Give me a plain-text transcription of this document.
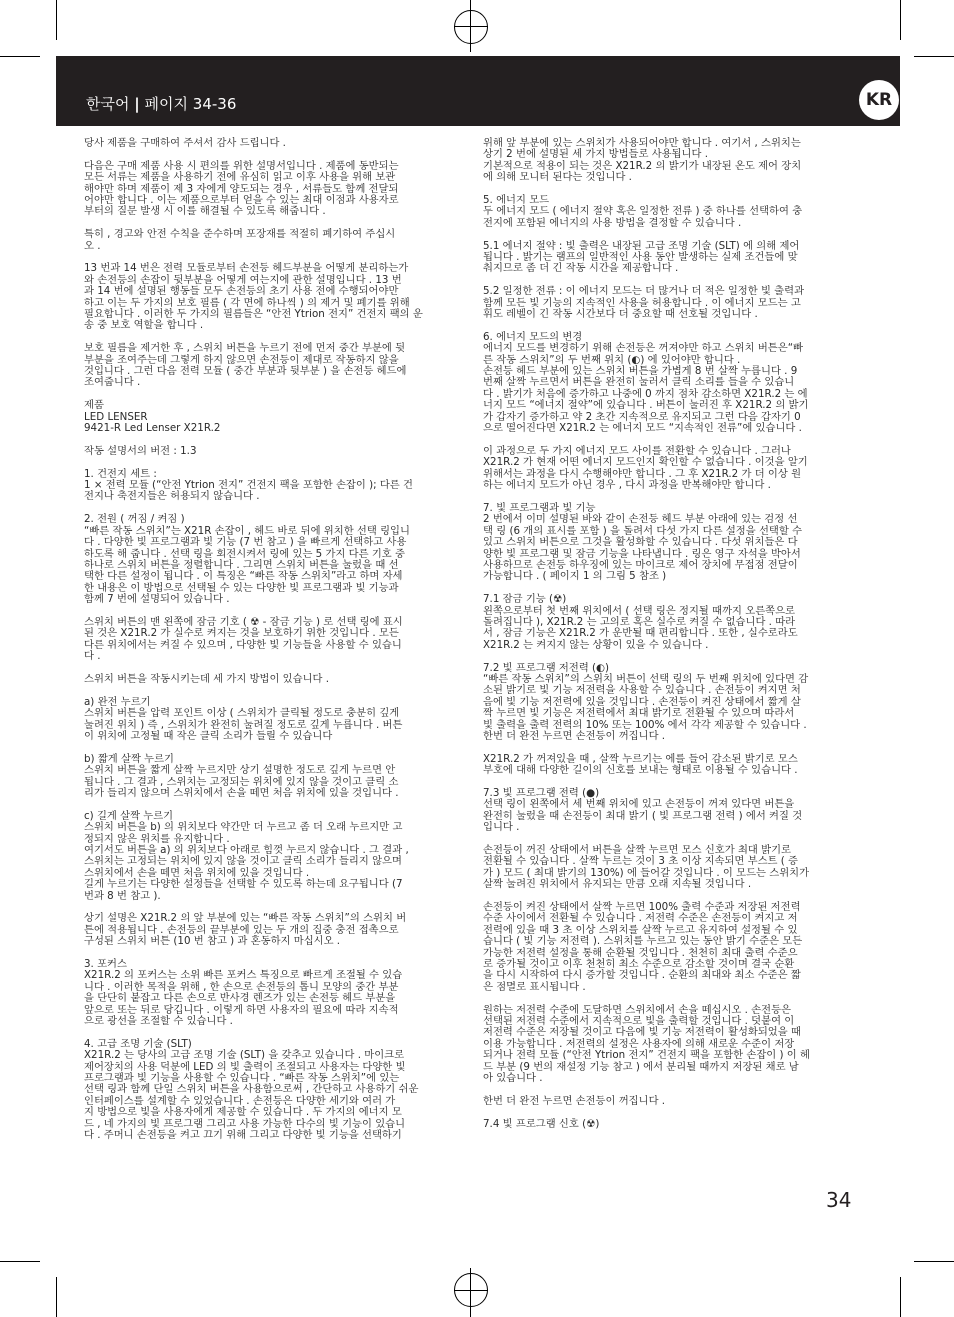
한국어 | 페이지 34-36	KR

당사 제품을 구매하여 주셔서 감사 드립니다 .

다음은 구매 제품 사용 시 편의를 위한 설명서입니다 . 제품에 동반되는
모든 서류는 제품을 사용하기 전에 유심히 읽고 이후 사용을 위해 보관
해야만 하며 제품이 제 3 자에게 양도되는 경우 , 서류들도 함께 전달되
어야만 합니다 . 이는 제품으로부터 얻을 수 있는 최대 이점과 사용자로
부터의 질문 발생 시 이를 해결될 수 있도록 해줍니다 .

특히 , 경고와 안전 수칙을 준수하며 포장재를 적절히 폐기하여 주십시
오 .

13 번과 14 번은 전력 모듈로부터 손전등 헤드부분을 어떻게 분리하는가
와 손전등의 손잡이 뒷부분을 어떻게 여는지에 관한 설명입니다 . 13 번
과 14 번에 설명된 행동들 모두 손전등의 초기 사용 전에 수행되어야만
하고 이는 두 가지의 보호 필름 ( 각 면에 하나씩 ) 의 제거 및 폐기를 위해
필요합니다 . 이러한 두 가지의 필름들은 “안전 Ytrion 전지” 건전지 팩의 운
송 중 보호 역할을 합니다 .

보호 필름을 제거한 후 , 스위치 버튼을 누르기 전에 먼저 중간 부분에 뒷
부분을 조여주는데 그렇게 하지 않으면 손전등이 제대로 작동하지 않을
것입니다 . 그런 다음 전력 모듈 ( 중간 부분과 뒷부분 ) 을 손전등 헤드에
조여줍니다 .

제품
LED LENSER
9421-R Led Lenser X21R.2

작동 설명서의 버전 : 1.3

1. 건전지 세트 :
1 × 전력 모듈 (“안전 Ytrion 전지” 건전지 팩을 포함한 손잡이 ); 다른 건
전지나 축전지들은 허용되지 않습니다 .

2. 전원 ( 꺼짐 / 켜짐 )
“빠른 작동 스위치”는 X21R 손잡이 , 헤드 바로 뒤에 위치한 선택 링입니
다 . 다양한 빛 프로그램과 빛 기능 (7 번 참고 ) 을 빠르게 선택하고 사용
하도록 해 줍니다 . 선택 링을 회전시켜서 링에 있는 5 가지 다른 기호 중
하나로 스위치 버튼을 정렬합니다 . 그리면 스위치 버튼을 눌렀을 때 선
택한 다른 설정이 됩니다 . 이 특징은 “빠른 작동 스위치”라고 하며 자세
한 내용은 이 방법으로 선택될 수 있는 다양한 빛 프로그램과 빛 기능과
함께 7 번에 설명되어 있습니다 .

스위치 버튼의 맨 왼쪽에 잠금 기호 ( ☢ - 잠금 기능 ) 로 선택 링에 표시
된 것은 X21R.2 가 실수로 켜지는 것을 보호하기 위한 것입니다 . 모든
다른 위치에서는 켜질 수 있으며 , 다양한 빛 기능들을 사용할 수 있습니
다 .

스위치 버튼을 작동시키는데 세 가지 방법이 있습니다 .

a) 완전 누르기
스위치 버튼을 압력 포인트 이상 ( 스위치가 클릭될 정도로 충분히 깊게
눌려진 위치 ) 즉 , 스위치가 완전히 눌려질 정도로 깊게 누릅니다 . 버튼
이 위치에 고정될 때 작은 클릭 소리가 들릴 수 있습니다

b) 짧게 살짝 누르기
스위치 버튼을 짧게 살짝 누르지만 상기 설명한 정도로 깊게 누르면 안
됩니다 . 그 결과 , 스위치는 고정되는 위치에 있지 않을 것이고 클릭 소
리가 들리지 않으며 스위치에서 손을 떼면 처음 위치에 있을 것입니다 .

c) 길게 살짝 누르기
스위치 버튼을 b) 의 위치보다 약간만 더 누르고 좀 더 오래 누르지만 고
정되지 않은 위치를 유지합니다 .
여기서도 버튼을 a) 의 위치보다 아래로 힘껏 누르지 않습니다 . 그 결과 ,
스위치는 고정되는 위치에 있지 않을 것이고 클릭 소리가 들리지 않으며
스위치에서 손을 떼면 처음 위치에 있을 것입니다 .
길게 누르기는 다양한 설정들을 선택할 수 있도록 하는데 요구됩니다 (7
번과 8 번 참고 ).

상기 설명은 X21R.2 의 앞 부분에 있는 “빠른 작동 스위치”의 스위치 버
튼에 적용됩니다 . 손전등의 끝부분에 있는 두 개의 집중 충전 접촉으로
구성된 스위치 버튼 (10 번 참고 ) 과 혼동하지 마십시오 .

3. 포커스
X21R.2 의 포커스는 소위 빠른 포커스 특징으로 빠르게 조절될 수 있습
니다 . 이러한 목적을 위해 , 한 손으로 손전등의 톱니 모양의 중간 부분
을 단단히 붙잡고 다른 손으로 반사경 렌즈가 있는 손전등 헤드 부분을
앞으로 또는 뒤로 당깁니다 . 이렇게 하면 사용자의 필요에 따라 지속적
으로 광선을 조절할 수 있습니다 .

4. 고급 조명 기술 (SLT)
X21R.2 는 당사의 고급 조명 기술 (SLT) 을 갖추고 있습니다 . 마이크로
제어장치의 사용 덕분에 LED 의 빛 출력이 조절되고 사용자는 다양한 빛
프로그램과 빛 기능을 사용할 수 있습니다 . “빠른 작동 스위치”에 있는
선택 링과 함께 단일 스위치 버튼을 사용함으로써 , 간단하고 사용하기 쉬운
인터페이스를 설계할 수 있었습니다 . 손전등은 다양한 세기와 여러 가
지 방법으로 빛을 사용자에게 제공할 수 있습니다 . 두 가지의 에너지 모
드 , 네 가지의 빛 프로그램 그리고 사용 가능한 다수의 빛 기능이 있습니
다 . 주머니 손전등을 켜고 끄기 위해 그리고 다양한 빛 기능을 선택하기

위해 앞 부분에 있는 스위치가 사용되어야만 합니다 . 여기서 , 스위치는
상기 2 번에 설명된 세 가지 방법들로 사용됩니다 .
기본적으로 적용이 되는 것은 X21R.2 의 밝기가 내장된 온도 제어 장치
에 의해 모니터 된다는 것입니다 .

5. 에너지 모드
두 에너지 모드 ( 에너지 절약 혹은 일정한 전류 ) 중 하나를 선택하여 충
전지에 포함된 에너지의 사용 방법을 결정할 수 있습니다 .

5.1 에너지 절약 : 빛 출력은 내장된 고급 조명 기술 (SLT) 에 의해 제어
됩니다 . 밝기는 램프의 일반적인 사용 동안 발생하는 실제 조건들에 맞
춰지므로 좀 더 긴 작동 시간을 제공합니다 .

5.2 일정한 전류 : 이 에너지 모드는 더 많거나 더 적은 일정한 빛 출력과
함께 모든 빛 기능의 지속적인 사용을 허용합니다 . 이 에너지 모드는 고
휘도 레벨이 긴 작동 시간보다 더 중요할 때 선호될 것입니다 .

6. 에너지 모드의 변경
에너지 모드를 변경하기 위해 손전등은 꺼져야만 하고 스위치 버튼은“빠
른 작동 스위치”의 두 번째 위치 (◐) 에 있어야만 합니다 .
손전등 헤드 부분에 있는 스위치 버튼을 가볍게 8 번 살짝 누릅니다 . 9
번째 살짝 누르면서 버튼을 완전히 눌러서 클릭 소리를 들을 수 있습니
다 . 밝기가 처음에 증가하고 나중에 0 까지 점차 감소하면 X21R.2 는 에
너지 모드 “에너지 절약”에 있습니다 . 버튼이 눌러진 후 X21R.2 의 밝기
가 갑자기 증가하고 약 2 초간 지속적으로 유지되고 그런 다음 갑자기 0
으로 떨어진다면 X21R.2 는 에너지 모드 “지속적인 전류”에 있습니다 .

이 과정으로 두 가지 에너지 모드 사이를 전환할 수 있습니다 . 그러나
X21R.2 가 현재 어떤 에너지 모드인지 확인할 수 없습니다 . 이것을 알기
위해서는 과정을 다시 수행해야만 합니다 . 그 후 X21R.2 가 더 이상 원
하는 에너지 모드가 아닌 경우 , 다시 과정을 반복해야만 합니다 .

7. 빛 프로그램과 빛 기능
2 번에서 이미 설명된 바와 같이 손전등 헤드 부분 아래에 있는 검정 선
택 링 (6 개의 표시를 포함 ) 을 돌려서 다섯 가지 다른 설정을 선택할 수
있고 스위치 버튼으로 그것을 활성화할 수 있습니다 . 다섯 위치들은 다
양한 빛 프로그램 및 잠금 기능을 나타냅니다 . 링은 영구 자석을 박아서
사용하므로 손전등 하우징에 있는 마이크로 제어 장치에 무접점 전달이
가능합니다 . ( 페이지 1 의 그림 5 참조 )

7.1 잠금 기능 (☢)
왼쪽으로부터 첫 번째 위치에서 ( 선택 링은 정지될 때까지 오른쪽으로
돌려집니다 ), X21R.2 는 고의로 혹은 실수로 켜질 수 없습니다 . 따라
서 , 잠금 기능은 X21R.2 가 운반될 때 편리합니다 . 또한 , 실수로라도
X21R.2 는 켜지지 않는 상황이 있을 수 있습니다 .

7.2 빛 프로그램 저전력 (◐)
“빠른 작동 스위치”의 스위치 버튼이 선택 링의 두 번째 위치에 있다면 감
소된 밝기로 빛 기능 저전력을 사용할 수 있습니다 . 손전등이 켜지면 처
음에 빛 기능 저전력에 있을 것입니다 . 손전등이 켜진 상태에서 짧게 살
짝 누르면 빛 기능은 저전력에서 최대 밝기로 전환될 수 있으며 따라서
빛 출력을 출력 전력의 10% 또는 100% 에서 각각 제공할 수 있습니다 .
한번 더 완전 누르면 손전등이 꺼집니다 .

X21R.2 가 꺼져있을 때 , 살짝 누르기는 에를 들어 감소된 밝기로 모스
부호에 대해 다양한 길이의 신호를 보내는 형태로 이용될 수 있습니다 .

7.3 빛 프로그램 전력 (●)
선택 링이 왼쪽에서 세 번째 위치에 있고 손전등이 꺼져 있다면 버튼을
완전히 눌렀을 때 손전등이 최대 밝기 ( 빛 프로그램 전력 ) 에서 켜질 것
입니다 .

손전등이 꺼진 상태에서 버튼을 살짝 누르면 모스 신호가 최대 밝기로
전환될 수 있습니다 . 살짝 누르는 것이 3 초 이상 지속되면 부스트 ( 증
가 ) 모드 ( 최대 밝기의 130%) 에 들어갈 것입니다 . 이 모드는 스위치가
살짝 눌려진 위치에서 유지되는 만큼 오래 지속될 것입니다 .

손전등이 켜진 상태에서 살짝 누르면 100% 출력 수준과 저장된 저전력
수준 사이에서 전환될 수 있습니다 . 저전력 수준은 손전등이 켜지고 저
전력에 있을 때 3 초 이상 스위치를 살짝 누르고 유지하여 설정될 수 있
습니다 ( 빛 기능 저전력 ). 스위치를 누르고 있는 동안 밝기 수준은 모든
가능한 저전력 설정을 통해 순환될 것입니다 . 천천히 최대 출력 수준으
로 증가될 것이고 이후 천천히 최소 수준으로 감소할 것이며 결국 순환
을 다시 시작하여 다시 증가할 것입니다 . 순환의 최대와 최소 수준은 짧
은 점멸로 표시됩니다 .

원하는 저전력 수준에 도달하면 스위치에서 손을 떼십시오 . 손전등은
선택된 저전력 수준에서 지속적으로 빛을 출력할 것입니다 . 덧붙여 이
저전력 수준은 저장될 것이고 다음에 빛 기능 저전력이 활성화되었을 때
이용 가능합니다 . 저전력의 설정은 사용자에 의해 새로운 수준이 저장
되거나 전력 모듈 (“안전 Ytrion 전지” 건전지 팩을 포함한 손잡이 ) 이 헤
드 부분 (9 번의 재설정 기능 참고 ) 에서 분리될 때까지 저장된 채로 남
아 있습니다 .

한번 더 완전 누르면 손전등이 꺼집니다 .

7.4 빛 프로그램 신호 (☢)

34
